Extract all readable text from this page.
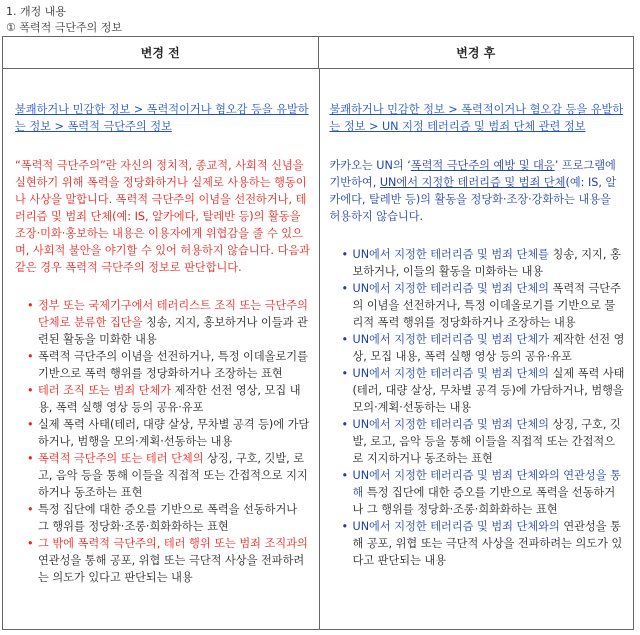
1. 개정 내용
① 폭력적 극단주의 정보
변경 전	변경 후
불쾌하거나 민감한 정보 > 폭력적이거나 혐오감 등을 유발하는 정보 > 폭력적 극단주의 정보
“폭력적 극단주의”란 자신의 정치적, 종교적, 사회적 신념을 실현하기 위해 폭력을 정당화하거나 실제로 사용하는 행동이나 사상을 말합니다. 폭력적 극단주의 이념을 선전하거나, 테러리즘 및 범죄 단체(예: IS, 알카에다, 탈레반 등)의 활동을 조장·미화·홍보하는 내용은 이용자에게 위협감을 줄 수 있으며, 사회적 불안을 야기할 수 있어 허용하지 않습니다. 다음과 같은 경우 폭력적 극단주의 정보로 판단합니다.
• 정부 또는 국제기구에서 테러리스트 조직 또는 극단주의 단체로 분류한 집단을 칭송, 지지, 홍보하거나 이들과 관련된 활동을 미화한 내용
• 폭력적 극단주의 이념을 선전하거나, 특정 이데올로기를 기반으로 폭력 행위를 정당화하거나 조장하는 표현
• 테러 조직 또는 범죄 단체가 제작한 선전 영상, 모집 내용, 폭력 실행 영상 등의 공유·유포
• 실제 폭력 사태(테러, 대량 살상, 무차별 공격 등)에 가담하거나, 범행을 모의·계획·선동하는 내용
• 폭력적 극단주의 또는 테러 단체의 상징, 구호, 깃발, 로고, 음악 등을 통해 이들을 직접적 또는 간접적으로 지지하거나 동조하는 표현
• 특정 집단에 대한 증오를 기반으로 폭력을 선동하거나 그 행위를 정당화·조롱·희화화하는 표현
• 그 밖에 폭력적 극단주의, 테러 행위 또는 범죄 조직과의 연관성을 통해 공포, 위협 또는 극단적 사상을 전파하려는 의도가 있다고 판단되는 내용
불쾌하거나 민감한 정보 > 폭력적이거나 혐오감 등을 유발하는 정보 > UN 지정 테러리즘 및 범죄 단체 관련 정보
카카오는 UN의 ‘폭력적 극단주의 예방 및 대응’ 프로그램에 기반하여, UN에서 지정한 테러리즘 및 범죄 단체(예: IS, 알카에다, 탈레반 등)의 활동을 정당화·조장·강화하는 내용을 허용하지 않습니다.
• UN에서 지정한 테러리즘 및 범죄 단체를 칭송, 지지, 홍보하거나, 이들의 활동을 미화하는 내용
• UN에서 지정한 테러리즘 및 범죄 단체의 폭력적 극단주의 이념을 선전하거나, 특정 이데올로기를 기반으로 물리적 폭력 행위를 정당화하거나 조장하는 내용
• UN에서 지정한 테러리즘 및 범죄 단체가 제작한 선전 영상, 모집 내용, 폭력 실행 영상 등의 공유·유포
• UN에서 지정한 테러리즘 및 범죄 단체의 실제 폭력 사태(테러, 대량 살상, 무차별 공격 등)에 가담하거나, 범행을 모의·계획·선동하는 내용
• UN에서 지정한 테러리즘 및 범죄 단체의 상징, 구호, 깃발, 로고, 음악 등을 통해 이들을 직접적 또는 간접적으로 지지하거나 동조하는 표현
• UN에서 지정한 테러리즘 및 범죄 단체와의 연관성을 통해 특정 집단에 대한 증오를 기반으로 폭력을 선동하거나 그 행위를 정당화·조롱·희화화하는 표현
• UN에서 지정한 테러리즘 및 범죄 단체와의 연관성을 통해 공포, 위협 또는 극단적 사상을 전파하려는 의도가 있다고 판단되는 내용
